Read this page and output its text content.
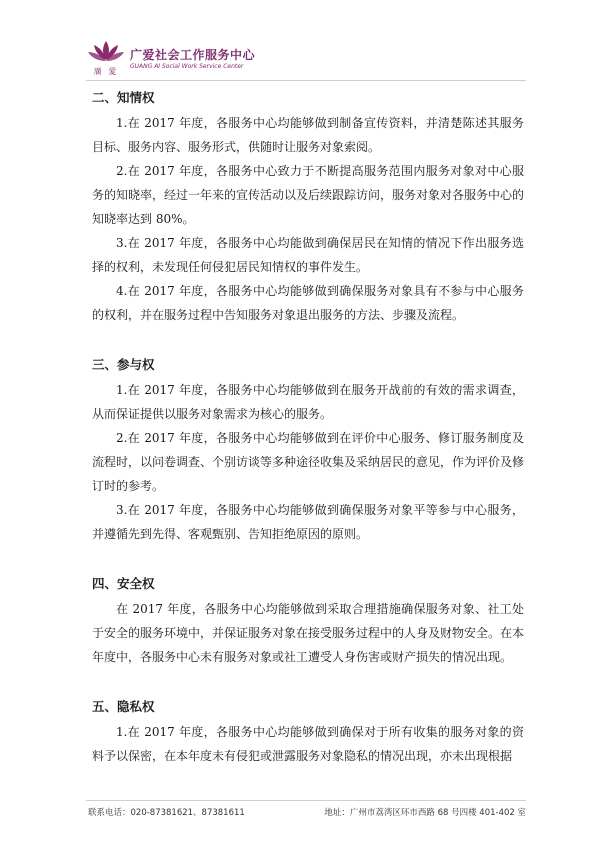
廣 愛
广爱社会工作服务中心
GUANG AI Social Work Service Center
二、知情权

1.在 2017 年度，各服务中心均能够做到制备宣传资料，并清楚陈述其服务目标、服务内容、服务形式，供随时让服务对象索阅。

2.在 2017 年度，各服务中心致力于不断提高服务范围内服务对象对中心服务的知晓率，经过一年来的宣传活动以及后续跟踪访问，服务对象对各服务中心的知晓率达到 80%。

3.在 2017 年度，各服务中心均能做到确保居民在知情的情况下作出服务选择的权利，未发现任何侵犯居民知情权的事件发生。

4.在 2017 年度，各服务中心均能够做到确保服务对象具有不参与中心服务的权利，并在服务过程中告知服务对象退出服务的方法、步骤及流程。

三、参与权

1.在 2017 年度，各服务中心均能够做到在服务开战前的有效的需求调查，从而保证提供以服务对象需求为核心的服务。

2.在 2017 年度，各服务中心均能够做到在评价中心服务、修订服务制度及流程时，以问卷调查、个别访谈等多种途径收集及采纳居民的意见，作为评价及修订时的参考。

3.在 2017 年度，各服务中心均能够做到确保服务对象平等参与中心服务，并遵循先到先得、客观甄别、告知拒绝原因的原则。

四、安全权

在 2017 年度，各服务中心均能够做到采取合理措施确保服务对象、社工处于安全的服务环境中，并保证服务对象在接受服务过程中的人身及财物安全。在本年度中，各服务中心未有服务对象或社工遭受人身伤害或财产损失的情况出现。

五、隐私权

1.在 2017 年度，各服务中心均能够做到确保对于所有收集的服务对象的资料予以保密，在本年度未有侵犯或泄露服务对象隐私的情况出现，亦未出现根据

联系电话：020-87381621、87381611	地址：广州市荔湾区环市西路 68 号四楼 401-402 室
